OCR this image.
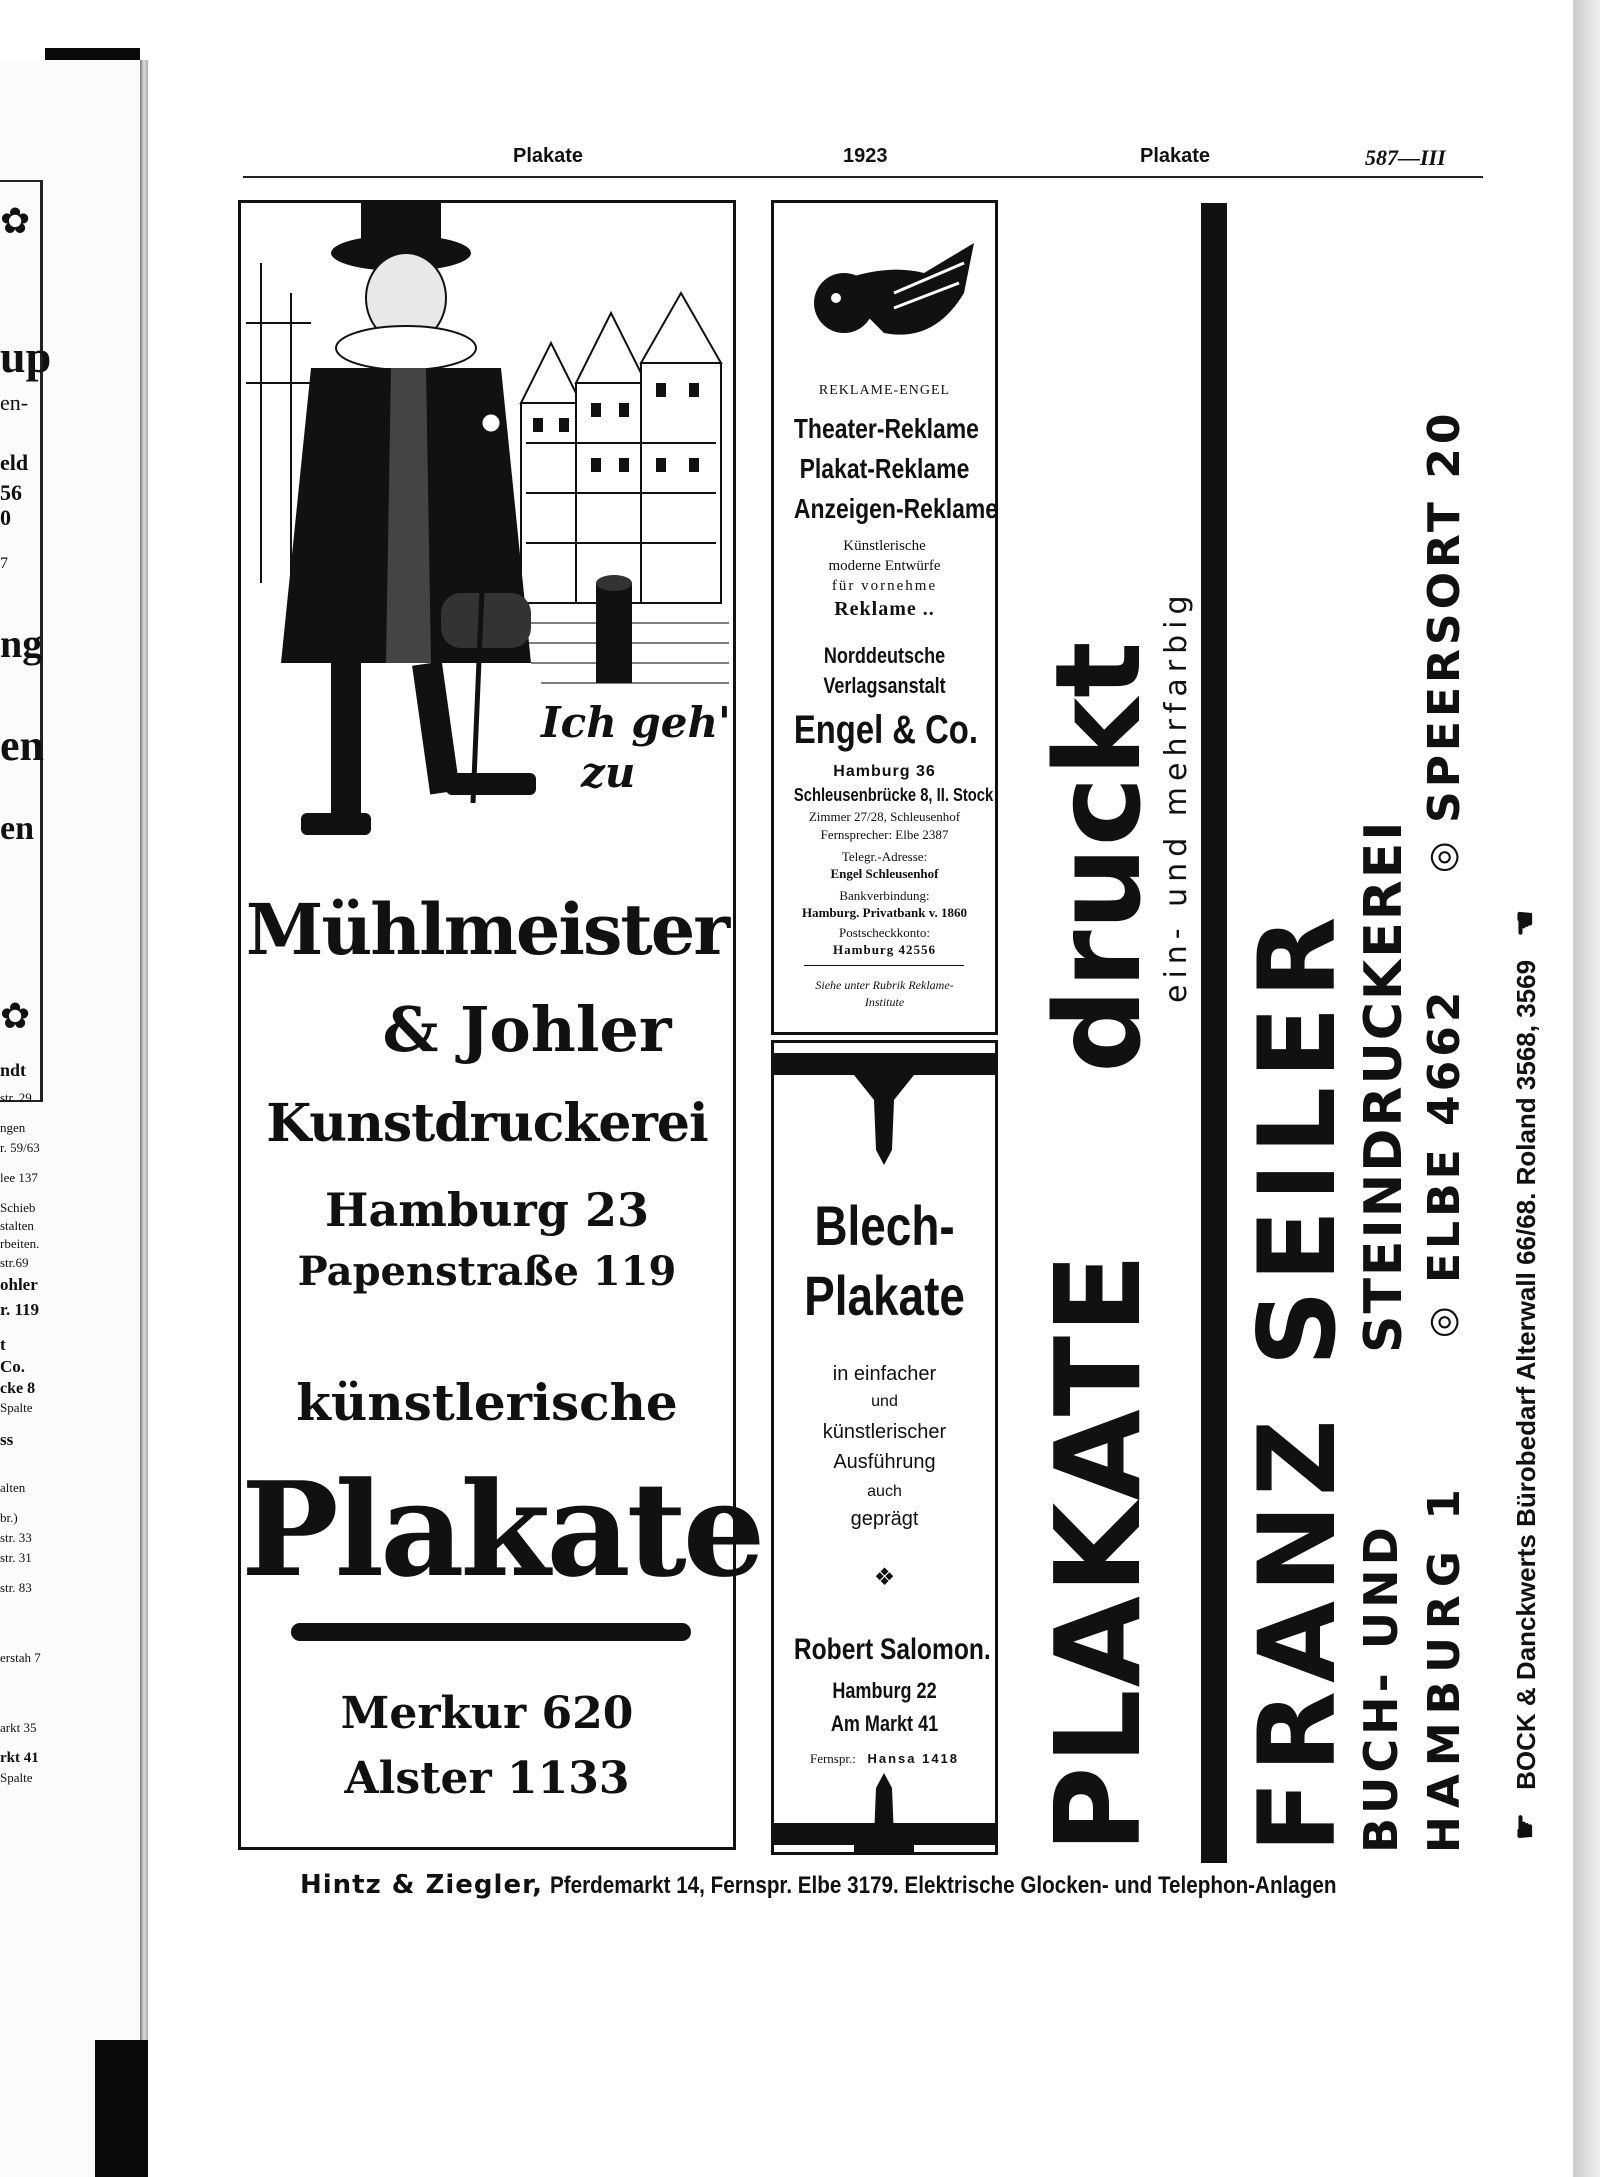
✿
✿
up
en-
eld
56
0
7
ng
en
en
ndt
str. 29
ngen
r. 59/63
lee 137
Schieb
stalten
rbeiten.
str.69
ohler
r. 119
t
Co.
cke 8
Spalte
ss
alten
br.)
str. 33
str. 31
str. 83
erstah 7
arkt 35
rkt 41
Spalte
Plakate	1923	Plakate	587—III
Ich geh'
zu
Mühlmeister
& Johler
Kunstdruckerei
Hamburg 23
Papenstraße 119
künstlerische
Plakate
Merkur 620
Alster 1133
REKLAME-ENGEL
Theater-Reklame
Plakat-Reklame
Anzeigen-Reklame
Künstlerische
moderne Entwürfe
für vornehme
Reklame ..
Norddeutsche
Verlagsanstalt
Engel & Co.
Hamburg 36
Schleusenbrücke 8, II. Stock
Zimmer 27/28, Schleusenhof
Fernsprecher: Elbe 2387
Telegr.-Adresse:
Engel Schleusenhof
Bankverbindung:
Hamburg. Privatbank v. 1860
Postscheckkonto:
Hamburg 42556
Siehe unter Rubrik Reklame-
Institute
Blech-
Plakate
in einfacher
und
künstlerischer
Ausführung
auch
geprägt
❖
Robert Salomon.
Hamburg 22
Am Markt 41
Fernspr.: Hansa 1418 PLAKATE
druckt
ein- und mehrfarbig
FRANZ SEILER
BUCH- UND
STEINDRUCKEREI
HAMBURG 1
◎
ELBE 4662
◎
SPEERSORT 20
☛ BOCK & Danckwerts Bürobedarf Alterwall 66/68. Roland 3568, 3569 ☚
Hintz & Ziegler, Pferdemarkt 14, Fernspr. Elbe 3179. Elektrische Glocken- und Telephon-Anlagen
